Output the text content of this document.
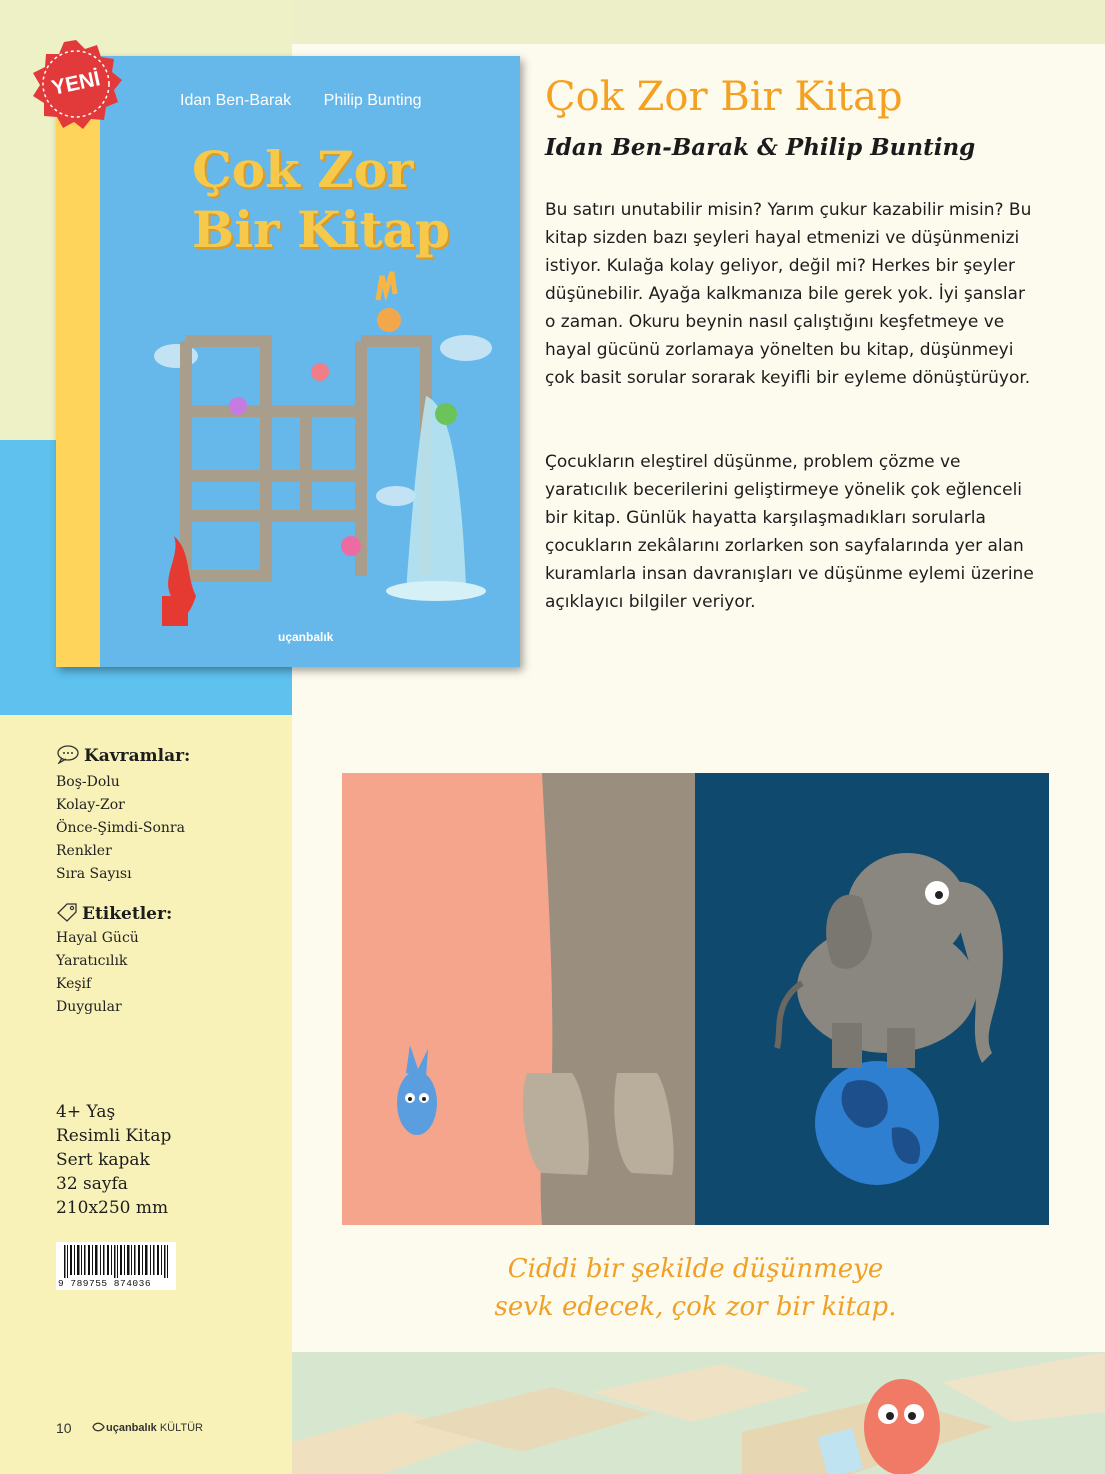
Idan Ben-Barak Philip Bunting
Çok Zor
Bir Kitap
uçanbalık
YENİ	Çok Zor Bir Kitap
Idan Ben-Barak & Philip Bunting

Bu satırı unutabilir misin? Yarım çukur kazabilir misin? Bu kitap sizden bazı şeyleri hayal etmenizi ve düşünmenizi istiyor. Kulağa kolay geliyor, değil mi? Herkes bir şeyler düşünebilir. Ayağa kalkmanıza bile gerek yok. İyi şanslar o zaman. Okuru beynin nasıl çalıştığını keşfetmeye ve hayal gücünü zorlamaya yönelten bu kitap, düşünmeyi çok basit sorular sorarak keyifli bir eyleme dönüştürüyor.

Çocukların eleştirel düşünme, problem çözme ve yaratıcılık becerilerini geliştirmeye yönelik çok eğlenceli bir kitap. Günlük hayatta karşılaşmadıkları sorularla çocukların zekâlarını zorlarken son sayfalarında yer alan kuramlarla insan davranışları ve düşünme eylemi üzerine açıklayıcı bilgiler veriyor.

Kavramlar:
Boş-Dolu
Kolay-Zor
Önce-Şimdi-Sonra
Renkler
Sıra Sayısı
Etiketler:
Hayal Gücü
Yaratıcılık
Keşif
Duygular
4+ Yaş
Resimli Kitap
Sert kapak
32 sayfa
210x250 mm
9 789755 874036	Ciddi bir şekilde düşünmeye
sevk edecek, çok zor bir kitap.

10	uçanbalık KÜLTÜR
